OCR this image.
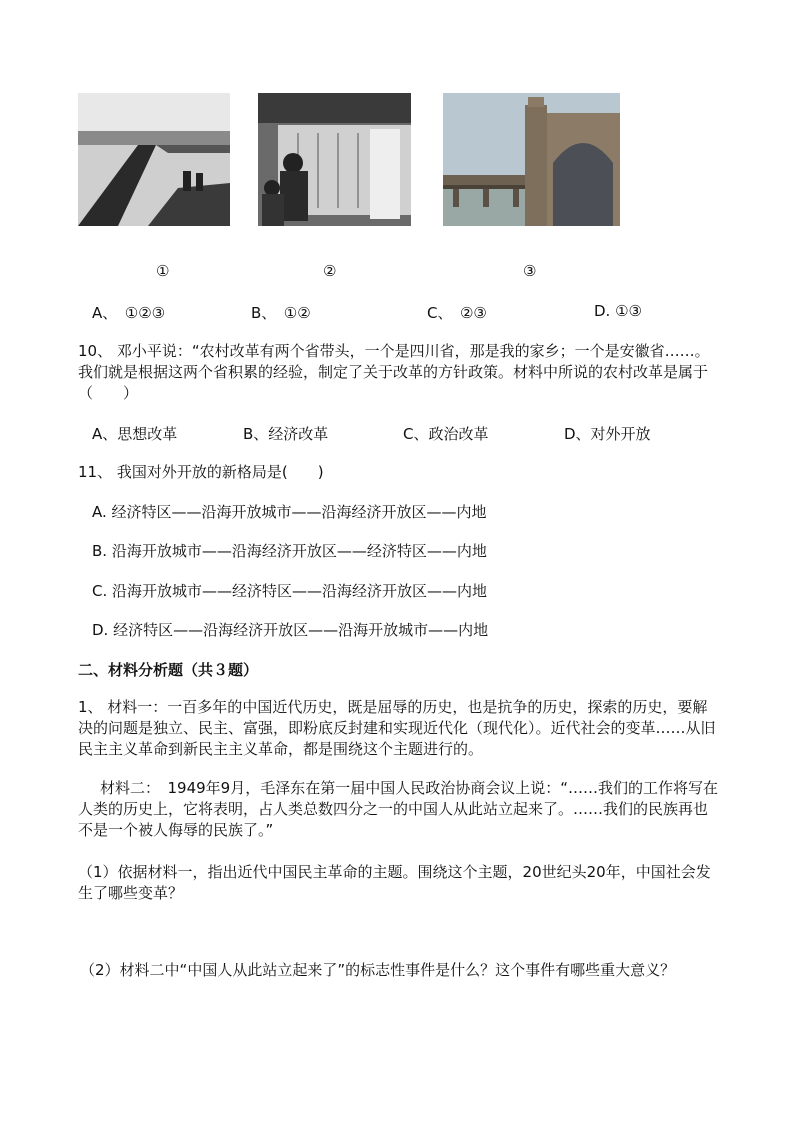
①	②	③
A、　①②③	B、　①②	C、　②③	D. ①③
10、 邓小平说：“农村改革有两个省带头，一个是四川省，那是我的家乡；一个是安徽省……。我们就是根据这两个省积累的经验，制定了关于改革的方针政策。材料中所说的农村改革是属于（　　）
A、思想改革	B、经济改革	C、政治改革	D、对外开放
11、 我国对外开放的新格局是(　　)
A. 经济特区——沿海开放城市——沿海经济开放区——内地
B. 沿海开放城市——沿海经济开放区——经济特区——内地
C. 沿海开放城市——经济特区——沿海经济开放区——内地
D. 经济特区——沿海经济开放区——沿海开放城市——内地
二、材料分析题（共３题）
1、 材料一：一百多年的中国近代历史，既是屈辱的历史，也是抗争的历史，探索的历史，要解决的问题是独立、民主、富强，即粉底反封建和实现近代化（现代化）。近代社会的变革……从旧民主主义革命到新民主主义革命，都是围绕这个主题进行的。
材料二：　1949年9月，毛泽东在第一届中国人民政治协商会议上说：“……我们的工作将写在人类的历史上，它将表明，占人类总数四分之一的中国人从此站立起来了。……我们的民族再也不是一个被人侮辱的民族了。”
（1）依据材料一，指出近代中国民主革命的主题。围绕这个主题，20世纪头20年，中国社会发生了哪些变革？
（2）材料二中“中国人从此站立起来了”的标志性事件是什么？这个事件有哪些重大意义？
